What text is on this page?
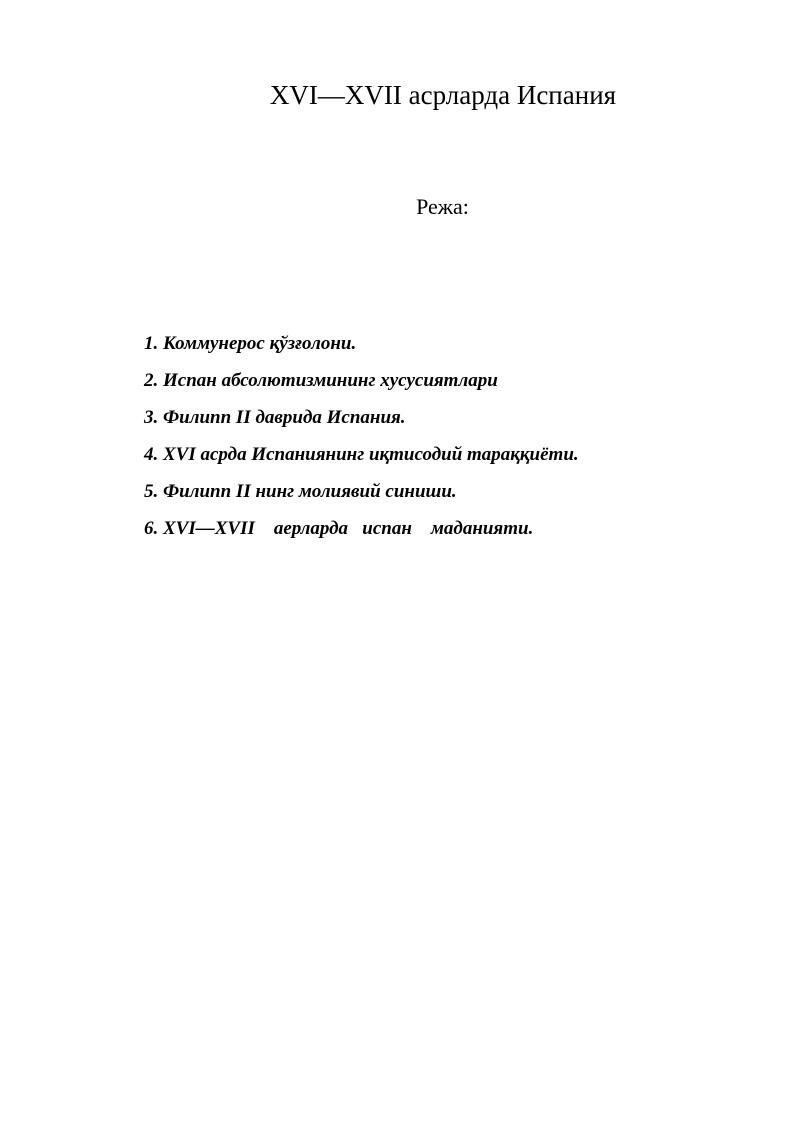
XVI—XVII асрларда Испания
Режа:
1. Коммунерос қўзғолони.
2. Испан абсолютизмининг хусусиятлари
3. Филипп II даврида Испания.
4. XVI асрда Испаниянинг иқтисодий тараққиёти.
5. Филипп II нинг молиявий синиши.
6. XVI—XVII    аерларда   испан    маданияти.
